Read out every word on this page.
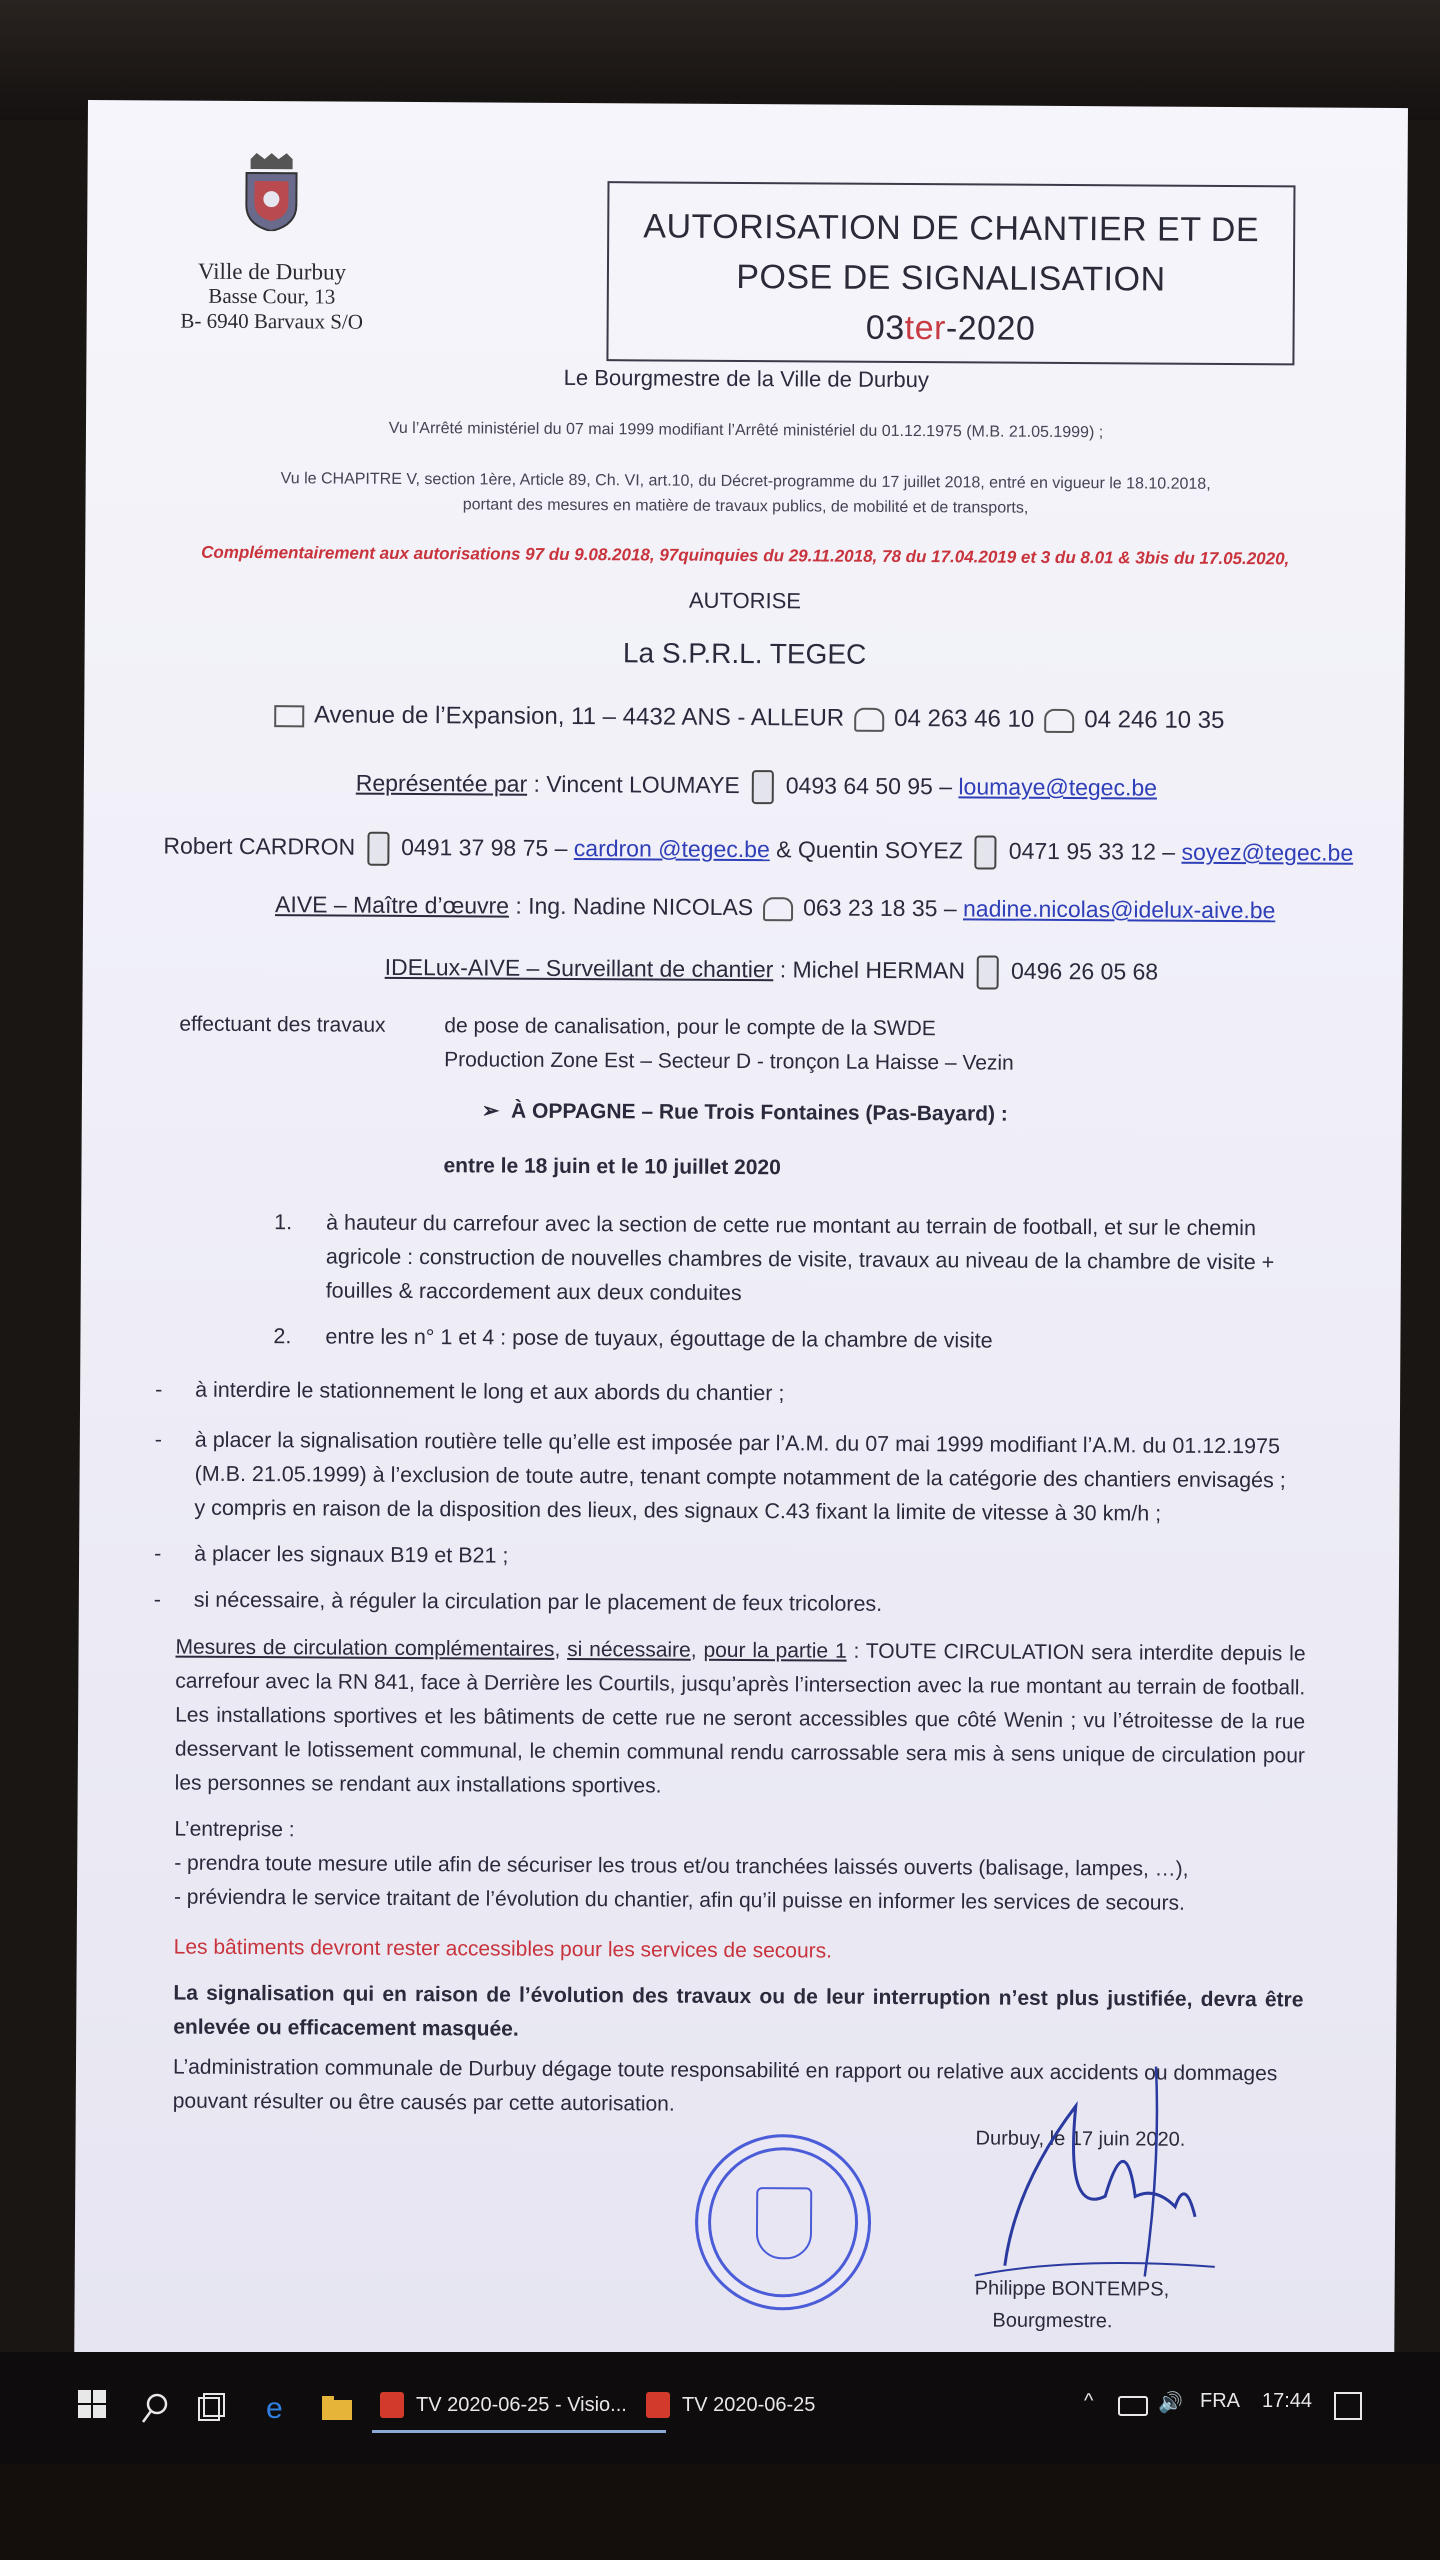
Ville de Durbuy
Basse Cour, 13
B- 6940 Barvaux S/O
AUTORISATION DE CHANTIER ET DE
POSE DE SIGNALISATION
03ter-2020
Le Bourgmestre de la Ville de Durbuy
Vu l’Arrêté ministériel du 07 mai 1999 modifiant l’Arrêté ministériel du 01.12.1975 (M.B. 21.05.1999) ;
Vu le CHAPITRE V, section 1ère, Article 89, Ch. VI, art.10, du Décret-programme du 17 juillet 2018, entré en vigueur le 18.10.2018,
portant des mesures en matière de travaux publics, de mobilité et de transports,
Complémentairement aux autorisations 97 du 9.08.2018, 97quinquies du 29.11.2018, 78 du 17.04.2019 et 3 du 8.01 & 3bis du 17.05.2020,
AUTORISE
La S.P.R.L. TEGEC
Avenue de l’Expansion, 11 – 4432 ANS - ALLEUR 04 263 46 10 04 246 10 35
Représentée par : Vincent LOUMAYE 0493 64 50 95 – loumaye@tegec.be
Robert CARDRON 0491 37 98 75 – cardron @tegec.be & Quentin SOYEZ 0471 95 33 12 – soyez@tegec.be
AIVE – Maître d’œuvre : Ing. Nadine NICOLAS 063 23 18 35 – nadine.nicolas@idelux-aive.be
IDELux-AIVE – Surveillant de chantier : Michel HERMAN 0496 26 05 68
effectuant des travaux	de pose de canalisation, pour le compte de la SWDE
Production Zone Est – Secteur D - tronçon La Haisse – Vezin
➢  À OPPAGNE – Rue Trois Fontaines (Pas-Bayard) :
entre le 18 juin et le 10 juillet 2020
1. à hauteur du carrefour avec la section de cette rue montant au terrain de football, et sur le chemin agricole : construction de nouvelles chambres de visite, travaux au niveau de la chambre de visite + fouilles & raccordement aux deux conduites
2. entre les n° 1 et 4 : pose de tuyaux, égouttage de la chambre de visite
- à interdire le stationnement le long et aux abords du chantier ;
- à placer la signalisation routière telle qu’elle est imposée par l’A.M. du 07 mai 1999 modifiant l’A.M. du 01.12.1975 (M.B. 21.05.1999) à l’exclusion de toute autre, tenant compte notamment de la catégorie des chantiers envisagés ; y compris en raison de la disposition des lieux, des signaux C.43 fixant la limite de vitesse à 30 km/h ;
- à placer les signaux B19 et B21 ;
- si nécessaire, à réguler la circulation par le placement de feux tricolores.
Mesures de circulation complémentaires, si nécessaire, pour la partie 1 : TOUTE CIRCULATION sera interdite depuis le carrefour avec la RN 841, face à Derrière les Courtils, jusqu’après l’intersection avec la rue montant au terrain de football. Les installations sportives et les bâtiments de cette rue ne seront accessibles que côté Wenin ; vu l’étroitesse de la rue desservant le lotissement communal, le chemin communal rendu carrossable sera mis à sens unique de circulation pour les personnes se rendant aux installations sportives.
L’entreprise :
- prendra toute mesure utile afin de sécuriser les trous et/ou tranchées laissés ouverts (balisage, lampes, …),
- préviendra le service traitant de l’évolution du chantier, afin qu’il puisse en informer les services de secours.
Les bâtiments devront rester accessibles pour les services de secours.
La signalisation qui en raison de l’évolution des travaux ou de leur interruption n’est plus justifiée, devra être enlevée ou efficacement masquée.
L’administration communale de Durbuy dégage toute responsabilité en rapport ou relative aux accidents ou dommages pouvant résulter ou être causés par cette autorisation.
Durbuy, le 17 juin 2020.
Philippe BONTEMPS,
Bourgmestre.
e	TV 2020-06-25 - Visio...	TV 2020-06-25	^	🔊 FRA 17:44
